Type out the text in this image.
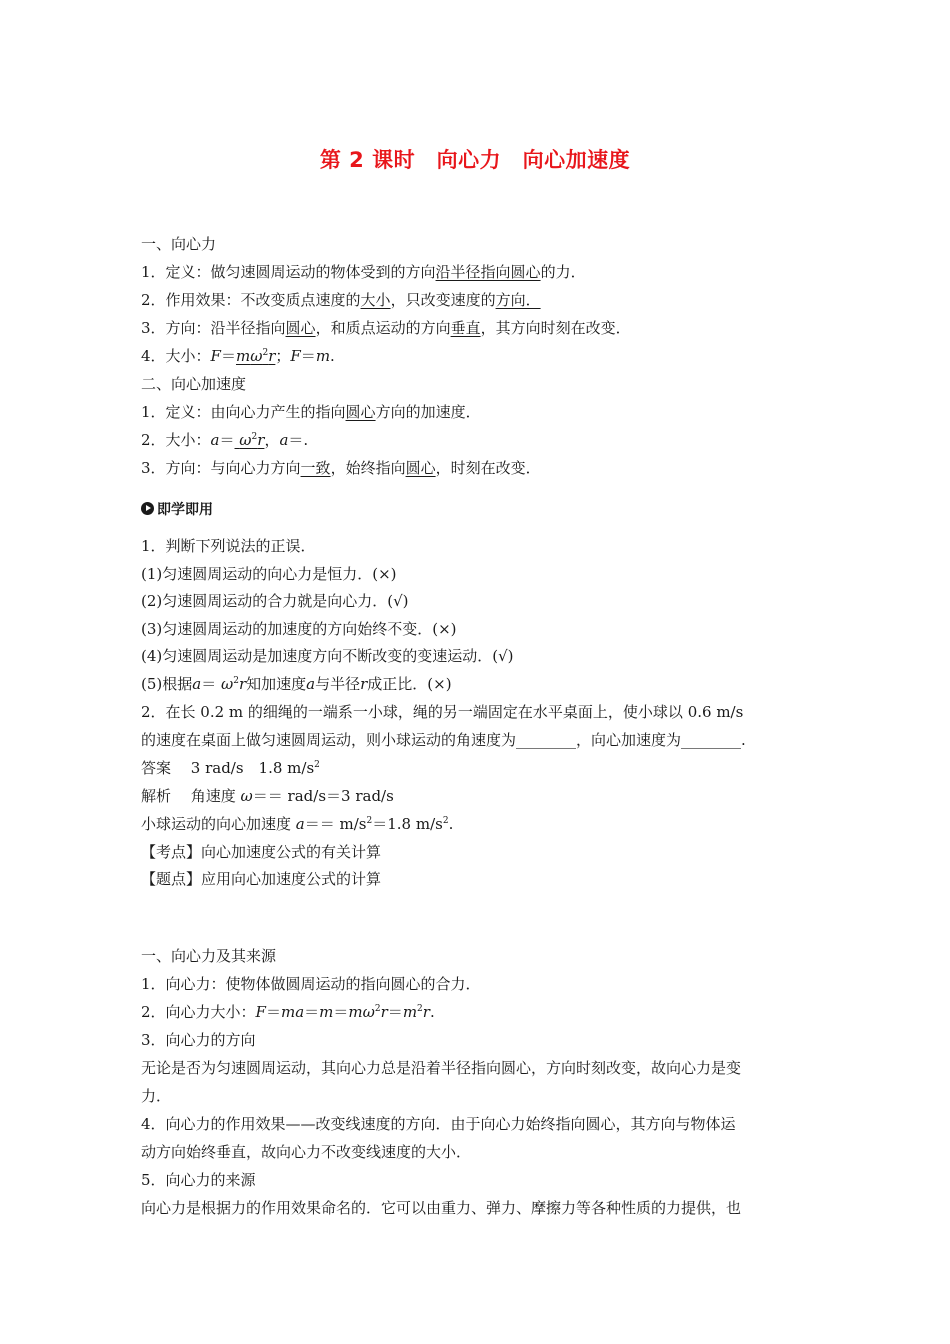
第 2 课时　向心力　向心加速度
一、向心力
1．定义：做匀速圆周运动的物体受到的方向沿半径指向圆心的力．
2．作用效果：不改变质点速度的大小，只改变速度的方向．
3．方向：沿半径指向圆心，和质点运动的方向垂直，其方向时刻在改变．
4．大小：$F=m\omega^2r$；F＝m.
二、向心加速度
1．定义：由向心力产生的指向圆心方向的加速度．
2．大小：$a= \omega^2r$，a＝.
3．方向：与向心力方向一致，始终指向圆心，时刻在改变．
即学即用
1．判断下列说法的正误．
(1)匀速圆周运动的向心力是恒力．(×)
(2)匀速圆周运动的合力就是向心力．(√)
(3)匀速圆周运动的加速度的方向始终不变．(×)
(4)匀速圆周运动是加速度方向不断改变的变速运动．(√)
(5)根据$a= \omega^2r$知加速度a与半径r成正比．(×)
2．在长 0.2 m 的细绳的一端系一小球，绳的另一端固定在水平桌面上，使小球以 0.6 m/s
的速度在桌面上做匀速圆周运动，则小球运动的角速度为________，向心加速度为________.
答案　 3 rad/s　1.8 $m/s^2$
解析　 角速度 ω＝＝ rad/s＝3 rad/s
小球运动的向心加速度 $a== m/s^2=1.8$ $m/s^2$.
【考点】向心加速度公式的有关计算
【题点】应用向心加速度公式的计算
一、向心力及其来源
1．向心力：使物体做圆周运动的指向圆心的合力．
2．向心力大小：$F=ma=m=m\omega^2r=m^2r$.
3．向心力的方向
无论是否为匀速圆周运动，其向心力总是沿着半径指向圆心，方向时刻改变，故向心力是变
力．
4．向心力的作用效果——改变线速度的方向．由于向心力始终指向圆心，其方向与物体运
动方向始终垂直，故向心力不改变线速度的大小．
5．向心力的来源
向心力是根据力的作用效果命名的．它可以由重力、弹力、摩擦力等各种性质的力提供，也
